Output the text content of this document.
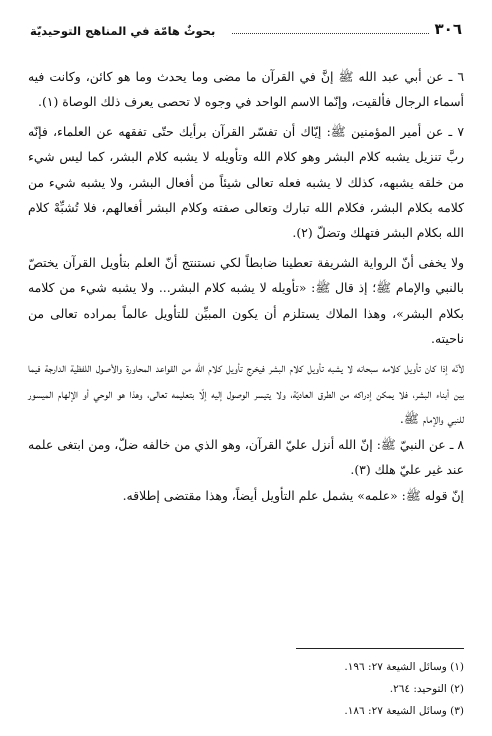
٣٠٦
بحوثٌ هامّة في المناهج التوحيديّة

٦ ـ عن أبي عبد الله ﷺ إنَّ في القرآن ما مضى وما يحدث وما هو كائن، وكانت فيه أسماء الرجال فألقيت، وإنّما الاسم الواحد في وجوه لا تحصى يعرف ذلك الوصاة (١).

٧ ـ عن أمير المؤمنين ﷺ: إيّاك أن تفسّر القرآن برأيك حتّى تفقهه عن العلماء، فإنّه ربَّ تنزيل يشبه كلام البشر وهو كلام الله وتأويله لا يشبه كلام البشر، كما ليس شيء من خلقه يشبهه، كذلك لا يشبه فعله تعالى شيئاً من أفعال البشر، ولا يشبه شيء من كلامه بكلام البشر، فكلام الله تبارك وتعالى صفته وكلام البشر أفعالهم، فلا تُشبِّهْ كلام الله بكلام البشر فتهلك وتضلّ (٢).

ولا يخفى أنّ الرواية الشريفة تعطينا ضابطاً لكي نستنتج أنّ العلم بتأويل القرآن يختصّ بالنبي والإمام ﷺ؛ إذ قال ﷺ: «تأويله لا يشبه كلام البشر... ولا يشبه شيء من كلامه بكلام البشر»، وهذا الملاك يستلزم أن يكون المبيِّن للتأويل عالماً بمراده تعالى من ناحيته.

لأنّه إذا كان تأويل كلامه سبحانه لا يشبه تأويل كلام البشر فيخرج تأويل كلام الله من القواعد المحاورة والأصول اللفظية الدارجة فيما بين أبناء البشر، فلا يمكن إدراكه من الطرق العاديّة، ولا يتيسر الوصول إليه إلّا بتعليمه تعالى، وهذا هو الوحي أو الإلهام الميسور للنبي والإمام ﷺ.

٨ ـ عن النبيّ ﷺ: إنّ الله أنزل عليّ القرآن، وهو الذي من خالفه ضلّ، ومن ابتغى علمه عند غير عليّ هلك (٣).

إنّ قوله ﷺ: «علمه» يشمل علم التأويل أيضاً، وهذا مقتضى إطلاقه.

(١) وسائل الشيعة ٢٧: ١٩٦.
(٢) التوحيد: ٢٦٤.
(٣) وسائل الشيعة ٢٧: ١٨٦.
